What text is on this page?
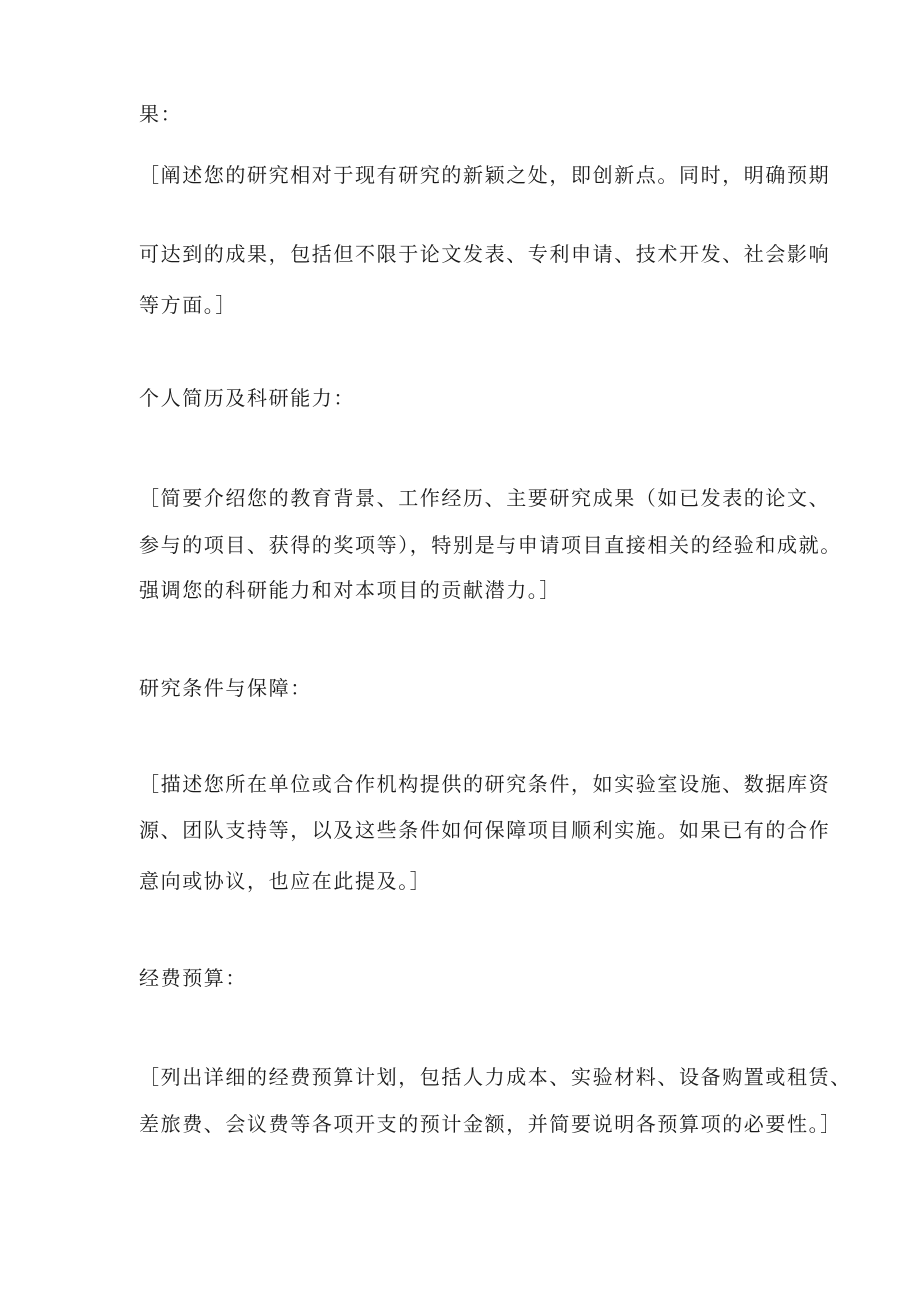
果：
［阐述您的研究相对于现有研究的新颖之处，即创新点。同时，明确预期
可达到的成果，包括但不限于论文发表、专利申请、技术开发、社会影响
等方面。］
个人简历及科研能力：
［简要介绍您的教育背景、工作经历、主要研究成果（如已发表的论文、
参与的项目、获得的奖项等），特别是与申请项目直接相关的经验和成就。
强调您的科研能力和对本项目的贡献潜力。］
研究条件与保障：
［描述您所在单位或合作机构提供的研究条件，如实验室设施、数据库资
源、团队支持等，以及这些条件如何保障项目顺利实施。如果已有的合作
意向或协议，也应在此提及。］
经费预算：
［列出详细的经费预算计划，包括人力成本、实验材料、设备购置或租赁、
差旅费、会议费等各项开支的预计金额，并简要说明各预算项的必要性。］
